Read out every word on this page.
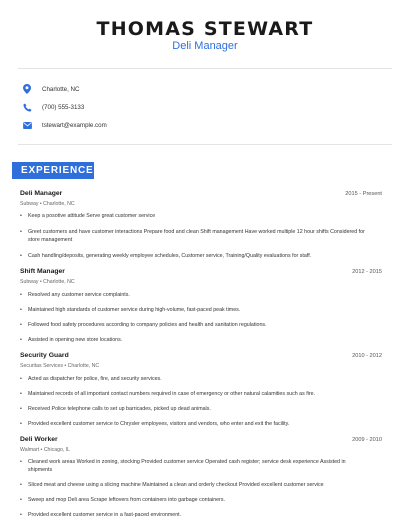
THOMAS STEWART
Deli Manager
Charlotte, NC
(700) 555-3133
tstewart@example.com
EXPERIENCE
Deli Manager	2015 - Present
Subway • Charlotte, NC
• Keep a posotive attitude Serve great customer service
• Greet customers and have customer interactions Prepare food and clean Shift management Have worked multiple 12 hour shifts Considered for store management
• Cash handling/deposits, generating weekly employee schedules, Customer service, Training/Quality evaluations for staff.
Shift Manager	2012 - 2015
Subway • Charlotte, NC
• Resolved any customer service complaints.
• Maintained high standards of customer service during high-volume, fast-paced peak times.
• Followed food safety procedures according to company policies and health and sanitation regulations.
• Assisted in opening new store locations.
Security Guard	2010 - 2012
Securitas Services • Charlotte, NC
• Acted as dispatcher for police, fire, and security services.
• Maintained records of all important contact numbers required in case of emergency or other natural calamities such as fire.
• Received Police telephone calls to set up barricades, picked up dead animals.
• Provided excellent customer service to Chrysler employees, visitors and vendors, who enter and exit the facility.
Deli Worker	2009 - 2010
Walmart • Chicago, IL
• Cleaned work areas Worked in zoning, stocking Provided customer service Operated cash register; service desk experience Assisted in shipments
• Sliced meat and cheese using a slicing machine Maintained a clean and orderly checkout Provided excellent customer service
• Sweep and mop Deli area Scrape leftovers from containers into garbage containers.
• Provided excellent customer service in a fast-paced environment.
